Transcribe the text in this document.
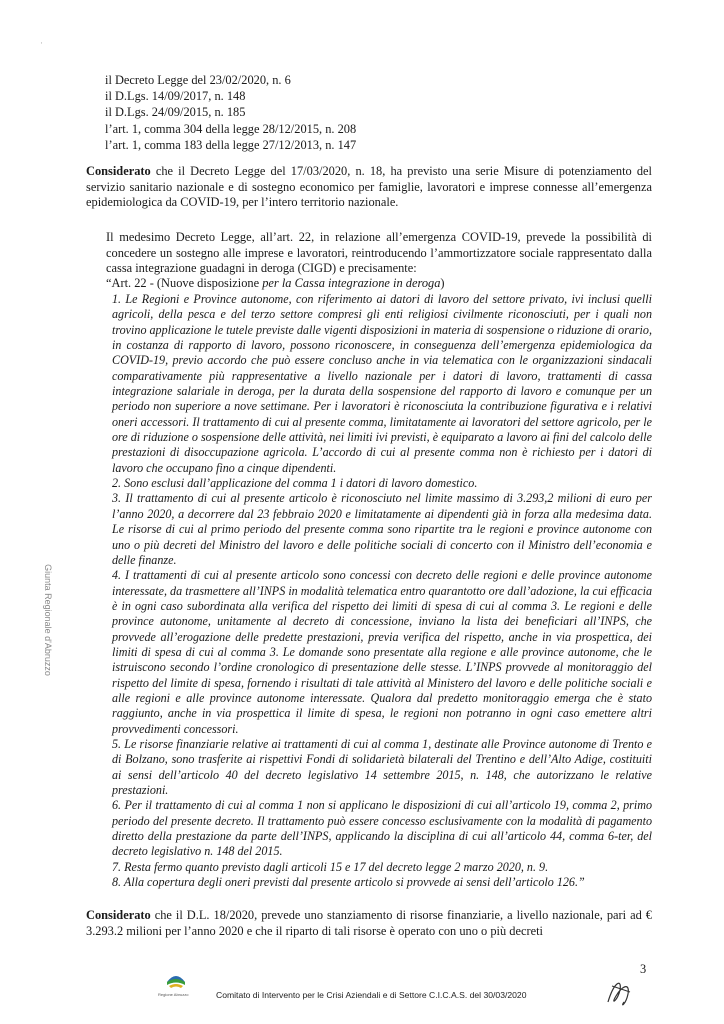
·
il Decreto Legge del 23/02/2020, n. 6
il D.Lgs. 14/09/2017, n. 148
il D.Lgs. 24/09/2015, n. 185
l’art. 1, comma 304 della legge 28/12/2015, n. 208
l’art. 1, comma 183 della legge 27/12/2013, n. 147
Considerato che il Decreto Legge del 17/03/2020, n. 18, ha previsto una serie Misure di potenziamento del servizio sanitario nazionale e di sostegno economico per famiglie, lavoratori e imprese connesse all’emergenza epidemiologica da COVID-19, per l’intero territorio nazionale.
Il medesimo Decreto Legge, all’art. 22, in relazione all’emergenza COVID-19, prevede la possibilità di concedere un sostegno alle imprese e lavoratori, reintroducendo l’ammortizzatore sociale rappresentato dalla cassa integrazione guadagni in deroga (CIGD) e precisamente:
“Art. 22 - (Nuove disposizione per la Cassa integrazione in deroga)

1. Le Regioni e Province autonome, con riferimento ai datori di lavoro del settore privato, ivi inclusi quelli agricoli, della pesca e del terzo settore compresi gli enti religiosi civilmente riconosciuti, per i quali non trovino applicazione le tutele previste dalle vigenti disposizioni in materia di sospensione o riduzione di orario, in costanza di rapporto di lavoro, possono riconoscere, in conseguenza dell’emergenza epidemiologica da COVID-19, previo accordo che può essere concluso anche in via telematica con le organizzazioni sindacali comparativamente più rappresentative a livello nazionale per i datori di lavoro, trattamenti di cassa integrazione salariale in deroga, per la durata della sospensione del rapporto di lavoro e comunque per un periodo non superiore a nove settimane. Per i lavoratori è riconosciuta la contribuzione figurativa e i relativi oneri accessori. Il trattamento di cui al presente comma, limitatamente ai lavoratori del settore agricolo, per le ore di riduzione o sospensione delle attività, nei limiti ivi previsti, è equiparato a lavoro ai fini del calcolo delle prestazioni di disoccupazione agricola. L’accordo di cui al presente comma non è richiesto per i datori di lavoro che occupano fino a cinque dipendenti.

2. Sono esclusi dall’applicazione del comma 1 i datori di lavoro domestico.

3. Il trattamento di cui al presente articolo è riconosciuto nel limite massimo di 3.293,2 milioni di euro per l’anno 2020, a decorrere dal 23 febbraio 2020 e limitatamente ai dipendenti già in forza alla medesima data. Le risorse di cui al primo periodo del presente comma sono ripartite tra le regioni e province autonome con uno o più decreti del Ministro del lavoro e delle politiche sociali di concerto con il Ministro dell’economia e delle finanze.

4. I trattamenti di cui al presente articolo sono concessi con decreto delle regioni e delle province autonome interessate, da trasmettere all’INPS in modalità telematica entro quarantotto ore dall’adozione, la cui efficacia è in ogni caso subordinata alla verifica del rispetto dei limiti di spesa di cui al comma 3. Le regioni e delle province autonome, unitamente al decreto di concessione, inviano la lista dei beneficiari all’INPS, che provvede all’erogazione delle predette prestazioni, previa verifica del rispetto, anche in via prospettica, dei limiti di spesa di cui al comma 3. Le domande sono presentate alla regione e alle province autonome, che le istruiscono secondo l’ordine cronologico di presentazione delle stesse. L’INPS provvede al monitoraggio del rispetto del limite di spesa, fornendo i risultati di tale attività al Ministero del lavoro e delle politiche sociali e alle regioni e alle province autonome interessate. Qualora dal predetto monitoraggio emerga che è stato raggiunto, anche in via prospettica il limite di spesa, le regioni non potranno in ogni caso emettere altri provvedimenti concessori.

5. Le risorse finanziarie relative ai trattamenti di cui al comma 1, destinate alle Province autonome di Trento e di Bolzano, sono trasferite ai rispettivi Fondi di solidarietà bilaterali del Trentino e dell’Alto Adige, costituiti ai sensi dell’articolo 40 del decreto legislativo 14 settembre 2015, n. 148, che autorizzano le relative prestazioni.

6. Per il trattamento di cui al comma 1 non si applicano le disposizioni di cui all’articolo 19, comma 2, primo periodo del presente decreto. Il trattamento può essere concesso esclusivamente con la modalità di pagamento diretto della prestazione da parte dell’INPS, applicando la disciplina di cui all’articolo 44, comma 6-ter, del decreto legislativo n. 148 del 2015.

7. Resta fermo quanto previsto dagli articoli 15 e 17 del decreto legge 2 marzo 2020, n. 9.

8. Alla copertura degli oneri previsti dal presente articolo si provvede ai sensi dell’articolo 126.”

Considerato che il D.L. 18/2020, prevede uno stanziamento di risorse finanziarie, a livello nazionale, pari ad € 3.293.2 milioni per l’anno 2020 e che il riparto di tali risorse è operato con uno o più decreti
Giunta Regionale d'Abruzzo
Regione Abruzzo	Comitato di Intervento per le Crisi Aziendali e di Settore C.I.C.A.S. del 30/03/2020
3
